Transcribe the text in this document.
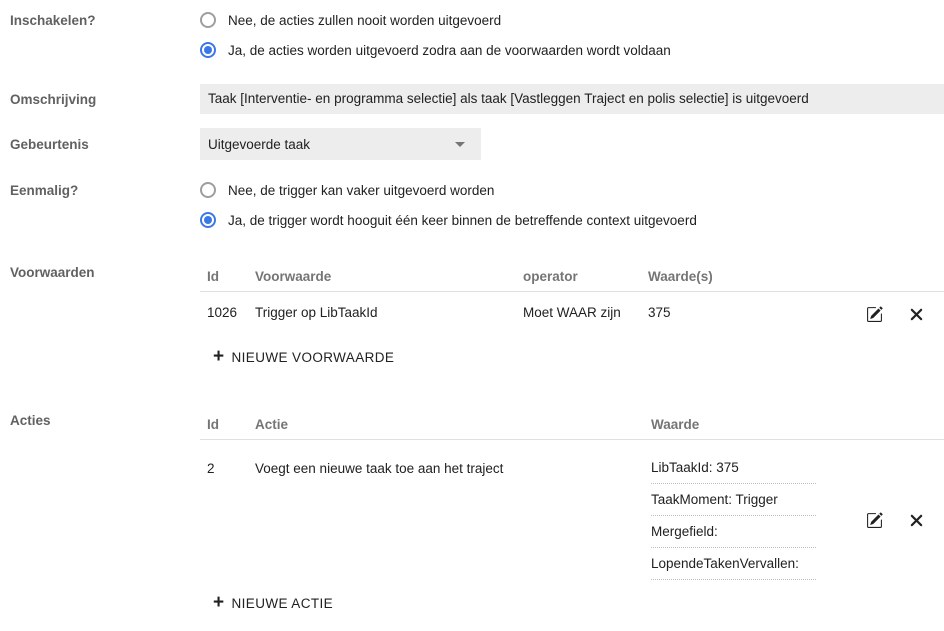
Inschakelen?	Nee, de acties zullen nooit worden uitgevoerd
Ja, de acties worden uitgevoerd zodra aan de voorwaarden wordt voldaan
Omschrijving	Taak [Interventie- en programma selectie] als taak [Vastleggen Traject en polis selectie] is uitgevoerd
Gebeurtenis	Uitgevoerde taak
Eenmalig?	Nee, de trigger kan vaker uitgevoerd worden
Ja, de trigger wordt hooguit één keer binnen de betreffende context uitgevoerd
Voorwaarden	Id	Voorwaarde	operator	Waarde(s)
1026	Trigger op LibTaakId	Moet WAAR zijn	375
+ NIEUWE VOORWAARDE
Acties	Id	Actie	Waarde
2	Voegt een nieuwe taak toe aan het traject	LibTaakId: 375
TaakMoment: Trigger
Mergefield:
LopendeTakenVervallen:
+ NIEUWE ACTIE
